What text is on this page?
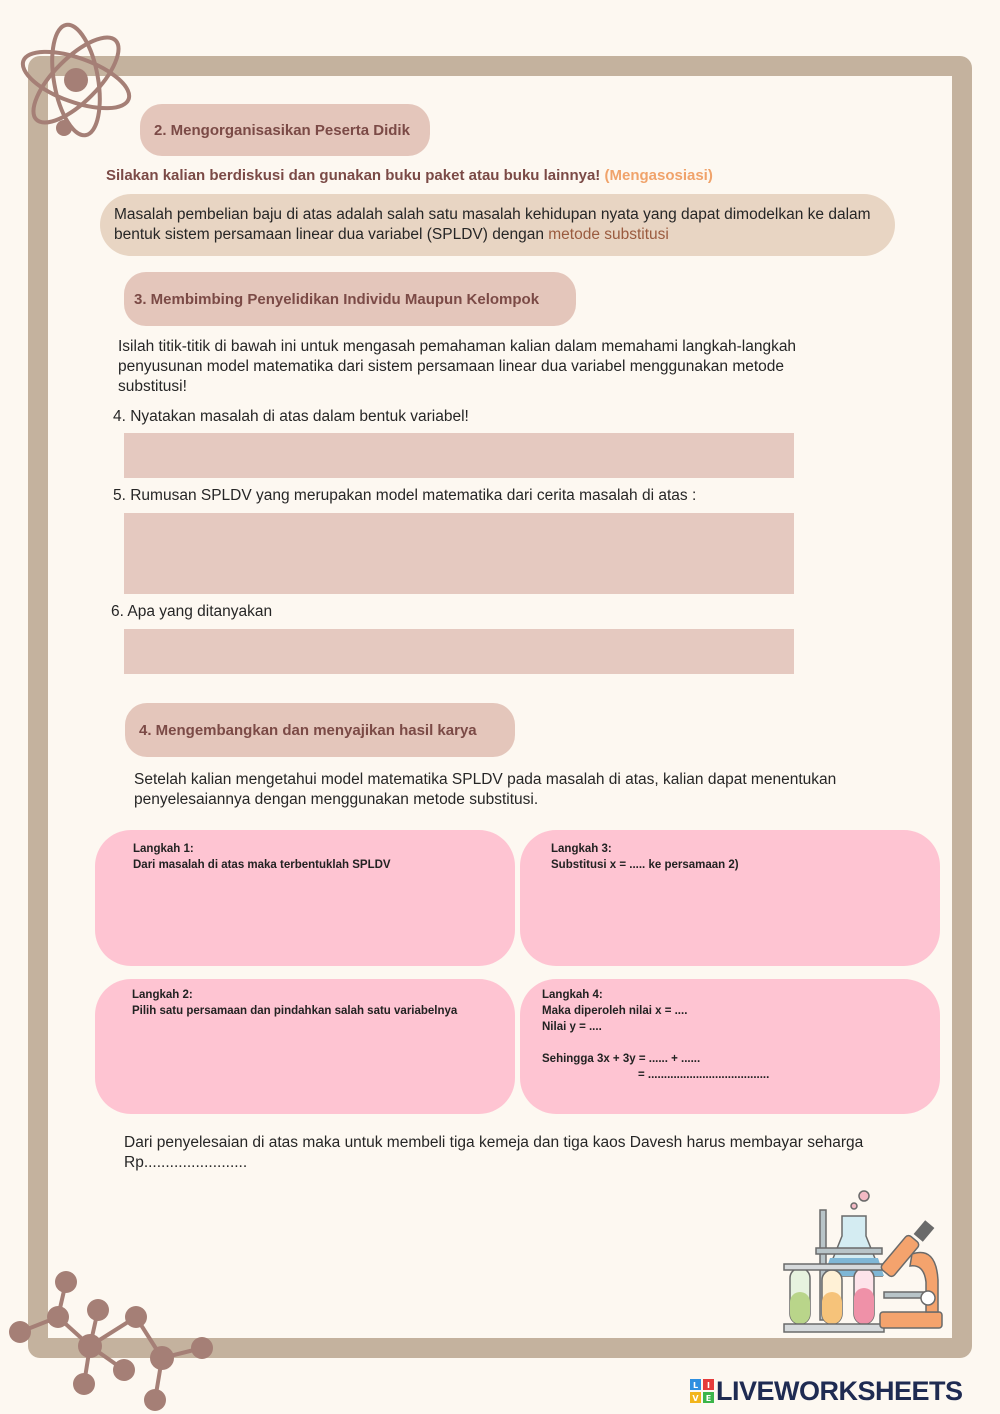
2. Mengorganisasikan Peserta Didik
Silakan kalian berdiskusi dan gunakan buku paket atau buku lainnya! (Mengasosiasi)
Masalah pembelian baju di atas adalah salah satu masalah kehidupan nyata yang dapat dimodelkan ke dalam bentuk sistem persamaan linear dua variabel (SPLDV) dengan metode substitusi
3. Membimbing Penyelidikan Individu Maupun Kelompok
Isilah titik-titik di bawah ini untuk mengasah pemahaman kalian dalam memahami langkah-langkah penyusunan model matematika dari sistem persamaan linear dua variabel menggunakan metode substitusi!
4. Nyatakan masalah di atas dalam bentuk variabel!
5. Rumusan SPLDV yang merupakan model matematika dari cerita masalah di atas :
6. Apa yang ditanyakan
4. Mengembangkan dan menyajikan hasil karya
Setelah kalian mengetahui model matematika SPLDV pada masalah di atas, kalian dapat menentukan penyelesaiannya dengan menggunakan metode substitusi.
Langkah 1:
Dari masalah di atas maka terbentuklah SPLDV
Langkah 3:
Substitusi x = ..... ke persamaan 2)
Langkah 2:
Pilih satu persamaan dan pindahkan salah satu variabelnya
Langkah 4:
Maka diperoleh nilai x = ....
Nilai y = ....
Sehingga 3x + 3y = ...... + ......
= ......................................
Dari penyelesaian di atas maka untuk membeli tiga kemeja dan tiga kaos Davesh harus membayar seharga Rp........................
L I
V E LIVEWORKSHEETS
